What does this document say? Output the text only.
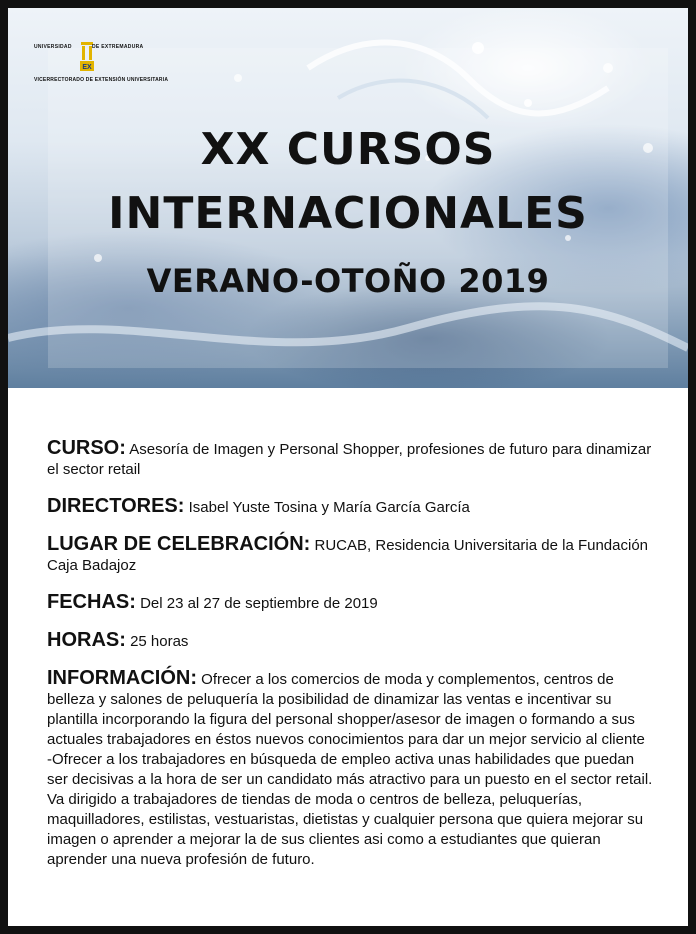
UNIVERSIDAD
EX
DE EXTREMADURA
VICERRECTORADO DE EXTENSIÓN UNIVERSITARIA
XX CURSOS
INTERNACIONALES
VERANO-OTOÑO 2019

CURSO: Asesoría de Imagen y Personal Shopper, profesiones de futuro para dinamizar el sector retail

DIRECTORES: Isabel Yuste Tosina y María García García

LUGAR DE CELEBRACIÓN: RUCAB, Residencia Universitaria de la Fundación Caja Badajoz

FECHAS: Del 23 al 27 de septiembre de 2019

HORAS: 25 horas

INFORMACIÓN: Ofrecer a los comercios de moda y complementos, centros de belleza y salones de peluquería la posibilidad de dinamizar las ventas e incentivar su plantilla incorporando la figura del personal shopper/asesor de imagen o formando a sus actuales trabajadores en éstos nuevos conocimientos para dar un mejor servicio al cliente

-Ofrecer a los trabajadores en búsqueda de empleo activa unas habilidades que puedan ser decisivas a la hora de ser un candidato más atractivo para un puesto en el sector retail.

Va dirigido a trabajadores de tiendas de moda o centros de belleza, peluquerías, maquilladores, estilistas, vestuaristas, dietistas y cualquier persona que quiera mejorar su imagen o aprender a mejorar la de sus clientes asi como a estudiantes que quieran aprender una nueva profesión de futuro.
